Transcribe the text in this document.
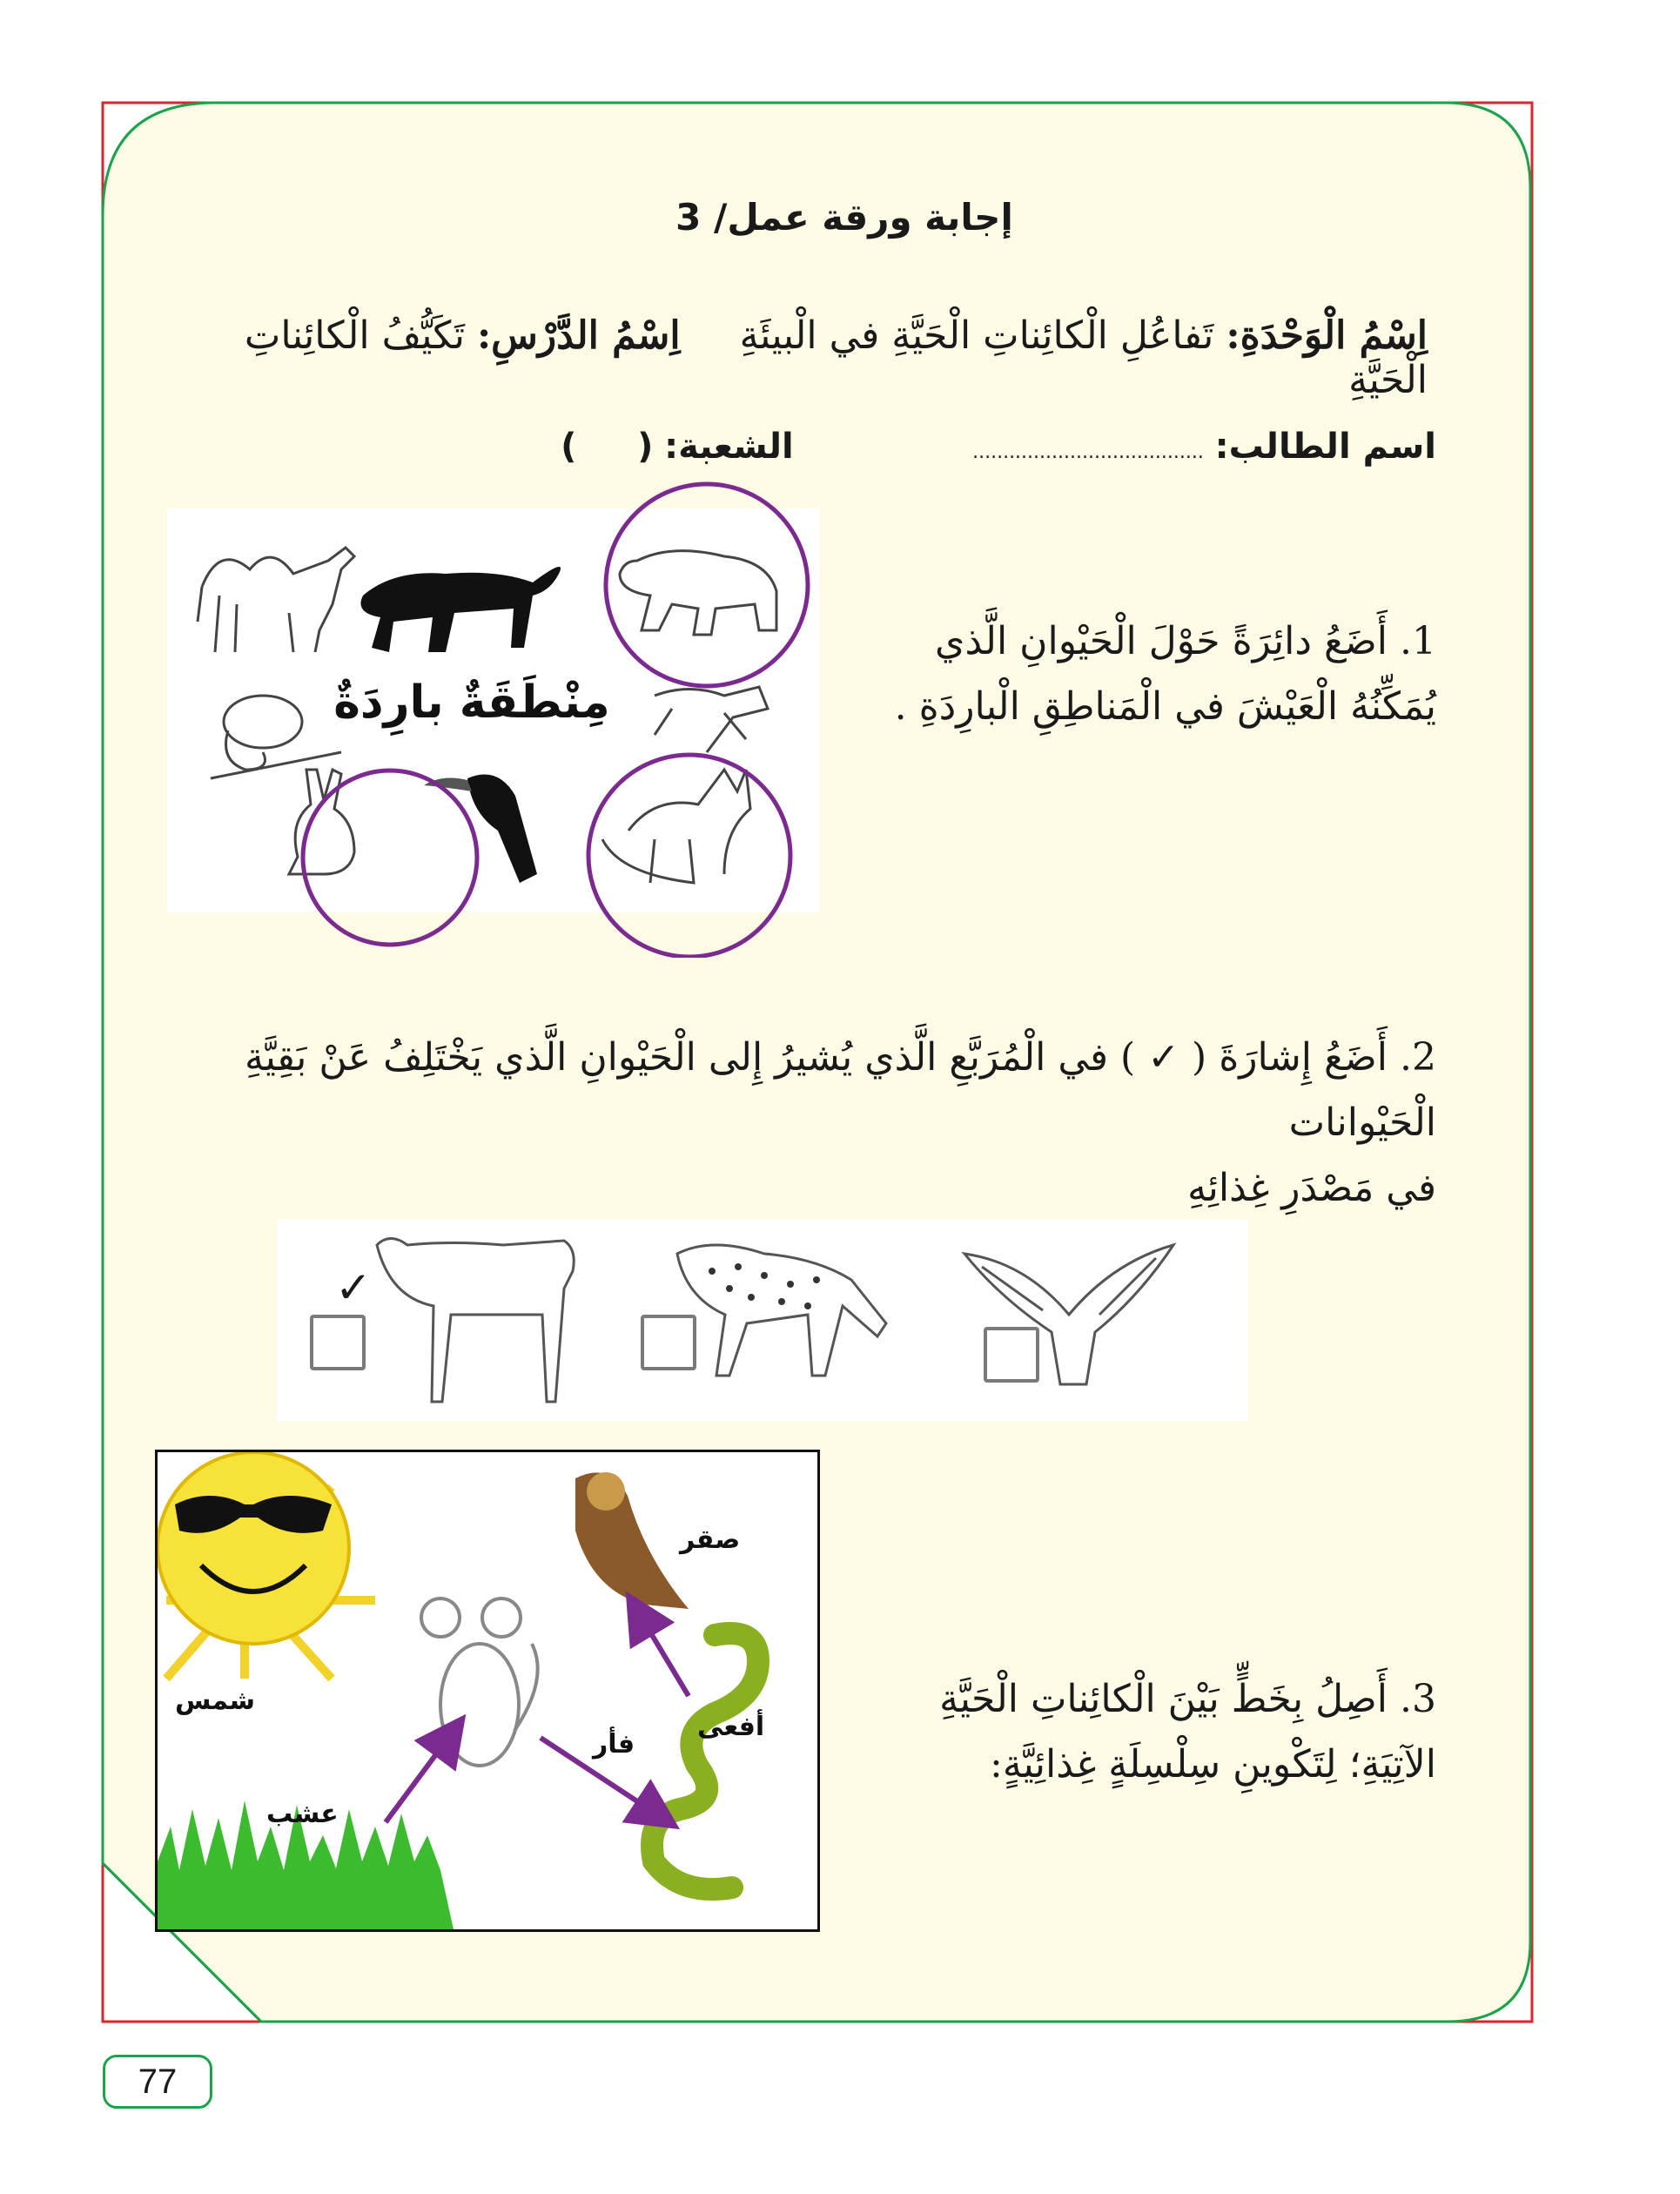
إجابة ورقة عمل/ 3
اِسْمُ الْوَحْدَةِ: تَفاعُلِ الْكائِناتِ الْحَيَّةِ في الْبيئَةِ  اِسْمُ الدَّرْسِ: تَكَيُّفُ الْكائِناتِ الْحَيَّةِ
اسم الطالب: ......................................  الشعبة: (     )
مِنْطَقَةٌ بارِدَةٌ
1. أَضَعُ دائِرَةً حَوْلَ الْحَيْوانِ الَّذي
يُمَكِّنُهُ الْعَيْشَ في الْمَناطِقِ الْبارِدَةِ .
2. أَضَعُ إِشارَةَ ( ✓ ) في الْمُرَبَّعِ الَّذي يُشيرُ إِلى الْحَيْوانِ الَّذي يَخْتَلِفُ عَنْ بَقِيَّةِ الْحَيْوانات
في مَصْدَرِ غِذائِهِ
✓
شمس
عشب
فأر
صقر
أفعى
3. أَصِلُ بِخَطٍّ بَيْنَ الْكائِناتِ الْحَيَّةِ
الآتِيَةِ؛ لِتَكْوينِ سِلْسِلَةٍ غِذائِيَّةٍ:
77
